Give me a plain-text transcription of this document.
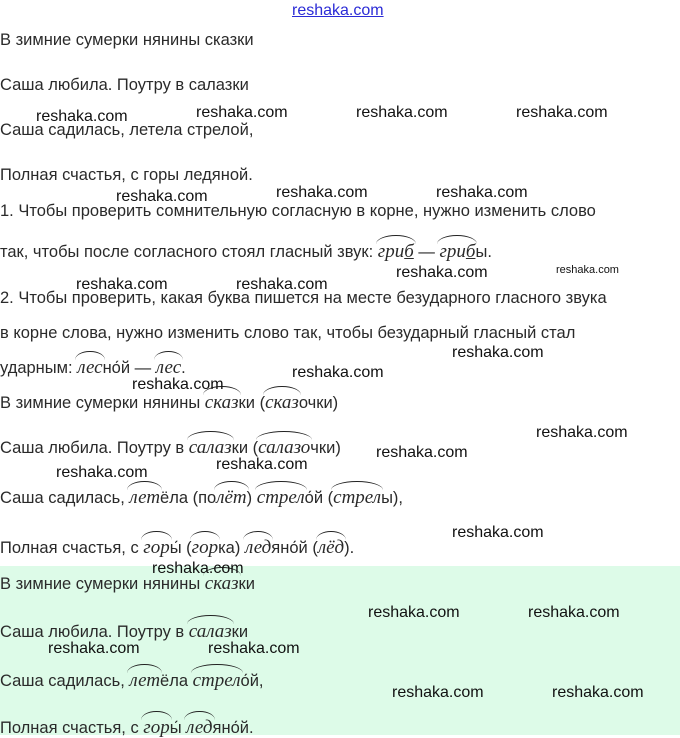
reshaka.com
В зимние сумерки нянины сказки
Саша любила. Поутру в салазки
Саша садилась, летела стрелой,
Полная счастья, с горы ледяной.
1. Чтобы проверить сомнительную согласную в корне, нужно изменить слово
так, чтобы после согласного стоял гласный звук: гриб — грибы.
2. Чтобы проверить, какая буква пишется на месте безударного гласного звука
в корне слова, нужно изменить слово так, чтобы безударный гласный стал
ударным: лесно́й — лес.
В зимние сумерки нянины сказки (
сказочки)
Саша любила. Поутру в салазки (
салазочки)
Саша садилась, летёла (по
лёт) стрело́й (
стрелы),
Полная счастья, с горы́ (
горка) ледяно́й (
лёд).
В зимние сумерки нянины сказки
Саша любила. Поутру в салазки
Саша садилась, летёла стрело́й,
Полная счастья, с горы́ ледяно́й.
reshaka.com	reshaka.com	reshaka.com	reshaka.com
reshaka.com	reshaka.com	reshaka.com
reshaka.com	reshaka.com
reshaka.com	reshaka.com
reshaka.com
reshaka.com
reshaka.com
reshaka.com
reshaka.com
reshaka.com
reshaka.com
reshaka.com
reshaka.com
reshaka.com	reshaka.com
reshaka.com	reshaka.com
reshaka.com	reshaka.com
